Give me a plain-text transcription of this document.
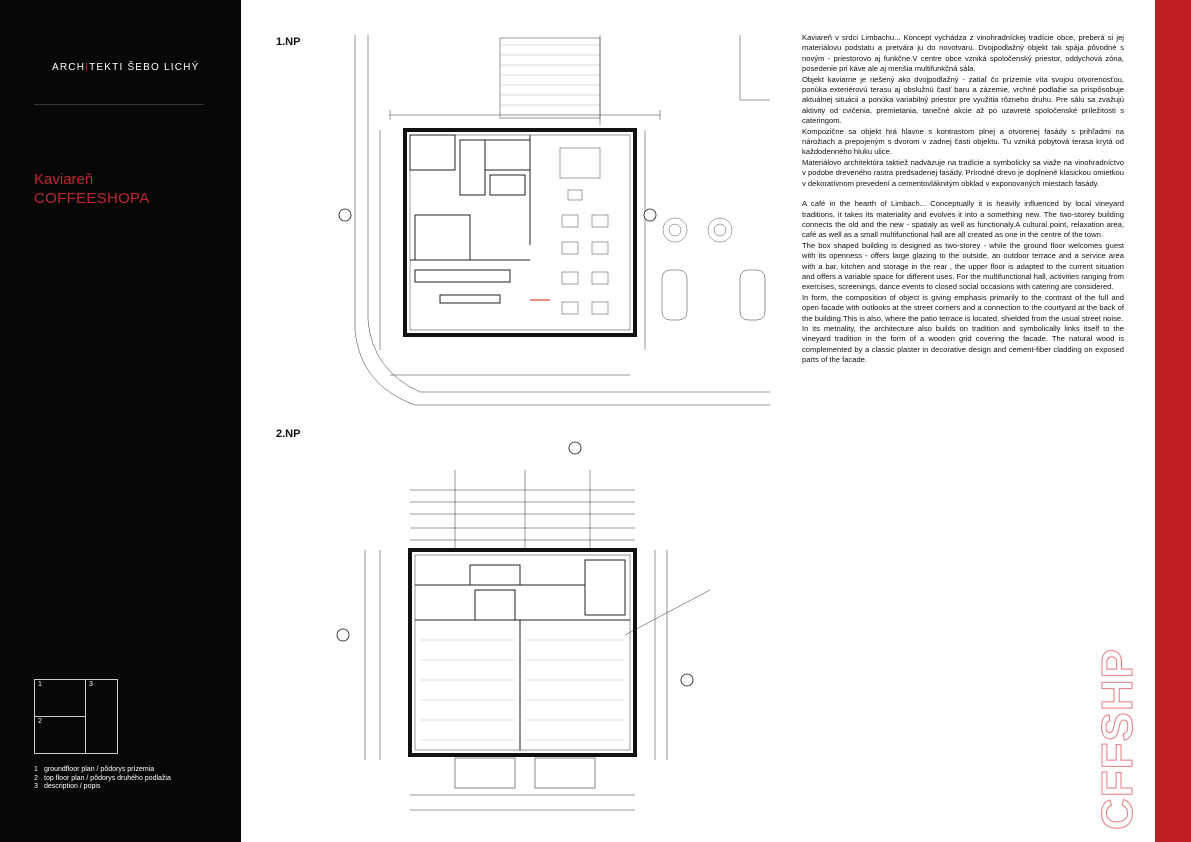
ARCHITEKTI ŠEBO LICHÝ
Kaviareň
COFFEESHOPA
1
2
3
1 groundfloor plan / pôdorys prízemia
2 top floor plan / pôdorys druhého podlažia
3 description / popis
1.NP
2.NP

Kaviareň v srdci Limbachu... Koncept vychádza z vinohradníckej tradície obce, preberá si jej materiálovu podstatu a pretvára ju do novotvaru. Dvojpodlažný objekt tak spája pôvodné s novým - priestorovo aj funkčne.V centre obce vzniká spoločenský priestor, oddychová zóna, posedenie pri káve ale aj menšia multifunkčná sála.

Objekt kaviarne je riešený ako dvojpodlažný - zatiaľ čo prízemie víta svojou otvorenosťou, ponúka exteriérovú terasu aj obslužnú časť baru a zázemie, vrchné podlažie sa prispôsobuje aktuálnej situácii a ponúka variabilný priestor pre využitia rôzneho druhu. Pre sálu sa zvažujú aktivity od cvičenia, premietania, tanečné akcie až po uzavreté spoločenské príležitosti s cateringom.

Kompozične sa objekt hrá hlavne s kontrastom plnej a otvorenej fasády s prihľadmi na nárožiach a prepojeným s dvorom v zadnej časti objektu. Tu vzniká pobytová terasa krytá od každodenného hluku ulice.

Materiálovo architektúra taktiež nadväzuje na tradície a symbolicky sa viaže na vinohradníctvo v podobe dreveného rastra predsadenej fasády. Prírodné drevo je doplnené klasickou omietkou v dekoratívnom prevedení a cementovláknitým obklad v exponovaných miestach fasády.

A café in the hearth of Limbach... Conceptually it is heavily influenced by local vineyard traditions, it takes its materiality and evolves it into a something new. The two-storey building connects the old and the new - spatialy as well as functionaly.A cultural point, relaxation area, café as well as a small multifunctional hall are all created as one in the centre of the town.

The box shaped building is designed as two-storey - while the ground floor welcomes guest with its openness - offers large glazing to the outside, an outdoor terrace and a service area with a bar, kitchen and storage in the rear , the upper floor is adapted to the current situation and offers a variable space for different uses. For the multifunctional hall, activities ranging from exercises, screenings, dance events to closed social occasions with catering are considered.

In form, the composition of object is giving emphasis primarily to the contrast of the full and open facade with outlooks at the street corners and a connection to the courtyard at the back of the building.This is also, where the patio terrace is located, shielded from the usual street noise.

In its metriality, the architecture also builds on tradition and symbolically links itself to the vineyard tradition in the form of a wooden grid covering the facade. The natural wood is complemented by a classic plaster in decorative design and cement-fiber cladding on exposed parts of the facade.

CFFSHP
